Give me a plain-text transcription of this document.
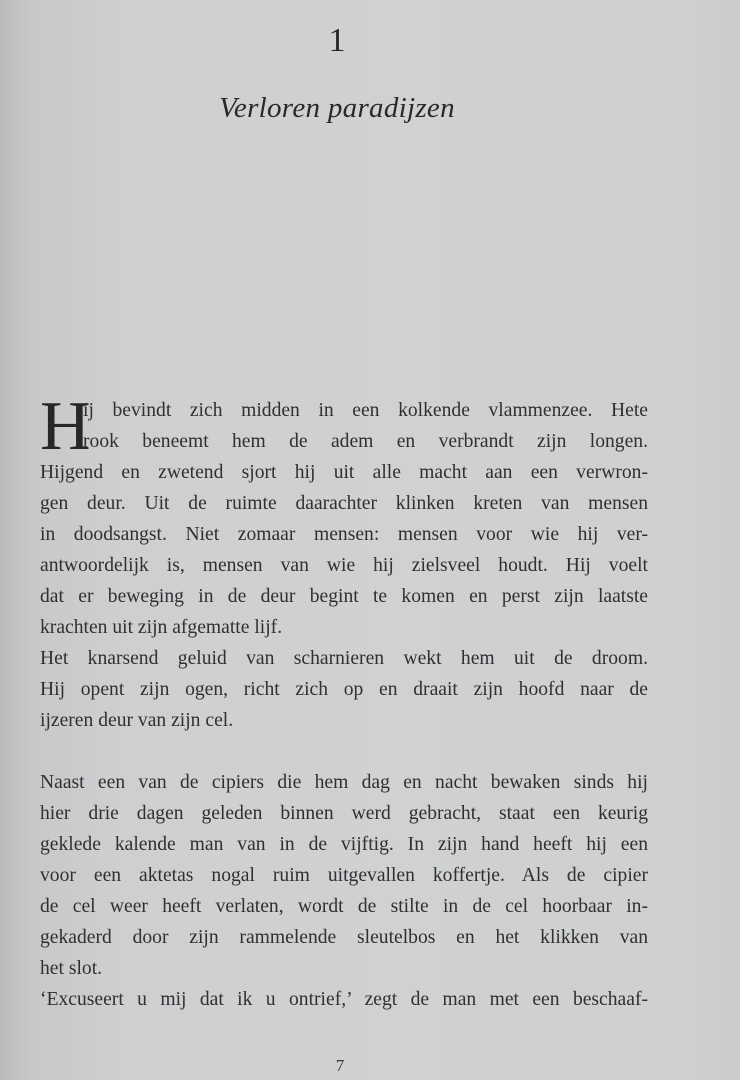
1
Verloren paradijzen
H
ij bevindt zich midden in een kolkende vlammenzee. Hete
rook beneemt hem de adem en verbrandt zijn longen.
Hijgend en zwetend sjort hij uit alle macht aan een verwron-
gen deur. Uit de ruimte daarachter klinken kreten van mensen
in doodsangst. Niet zomaar mensen: mensen voor wie hij ver-
antwoordelijk is, mensen van wie hij zielsveel houdt. Hij voelt
dat er beweging in de deur begint te komen en perst zijn laatste
krachten uit zijn afgematte lijf.
Het knarsend geluid van scharnieren wekt hem uit de droom.
Hij opent zijn ogen, richt zich op en draait zijn hoofd naar de
ijzeren deur van zijn cel.
Naast een van de cipiers die hem dag en nacht bewaken sinds hij
hier drie dagen geleden binnen werd gebracht, staat een keurig
geklede kalende man van in de vijftig. In zijn hand heeft hij een
voor een aktetas nogal ruim uitgevallen koffertje. Als de cipier
de cel weer heeft verlaten, wordt de stilte in de cel hoorbaar in-
gekaderd door zijn rammelende sleutelbos en het klikken van
het slot.
‘Excuseert u mij dat ik u ontrief,’ zegt de man met een beschaaf-
7
